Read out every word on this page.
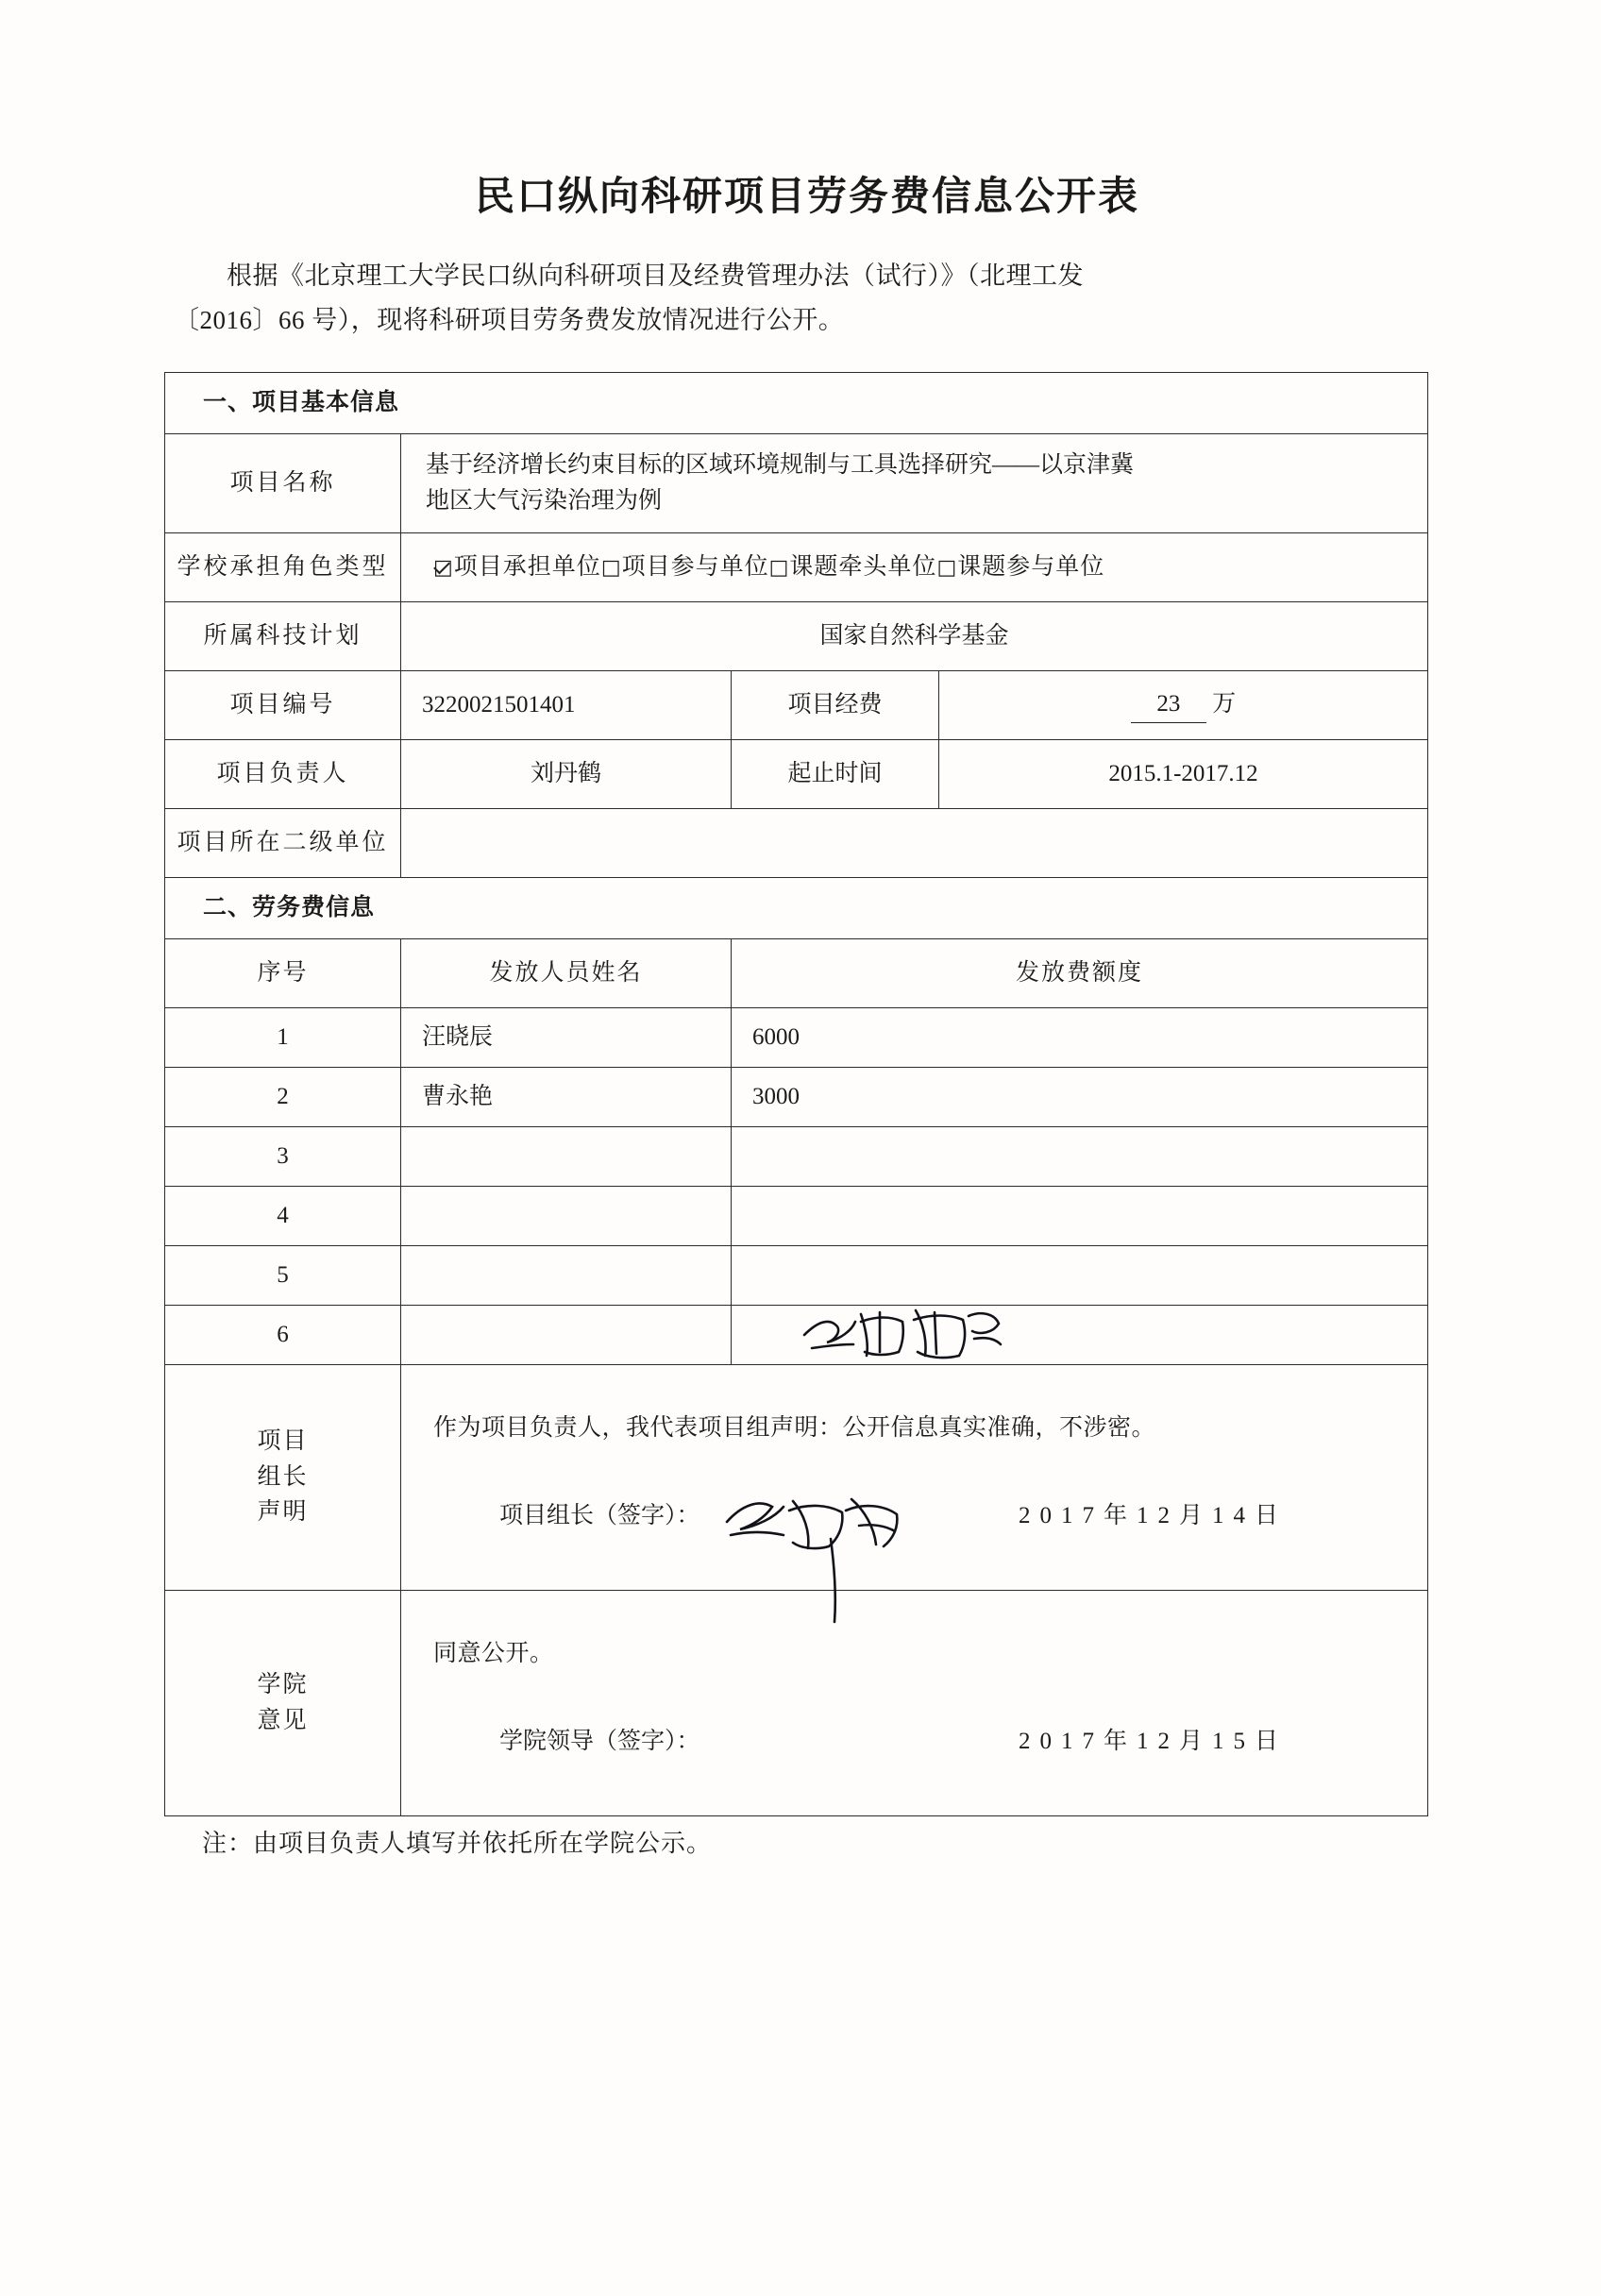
民口纵向科研项目劳务费信息公开表
根据《北京理工大学民口纵向科研项目及经费管理办法（试行）》（北理工发
〔2016〕66 号），现将科研项目劳务费发放情况进行公开。
一、项目基本信息			
项目名称	基于经济增长约束目标的区域环境规制与工具选择研究——以京津冀
地区大气污染治理为例		

学校承担角色类型	□项目承担单位□项目参与单位□课题牵头单位□课题参与单位		
所属科技计划	国家自然科学基金		
项目编号	3220021501401	项目经费	23 万
项目负责人	刘丹鹤	起止时间	2015.1-2017.12
项目所在二级单位			
二、劳务费信息			
序号	发放人员姓名	发放费额度	
1	汪晓辰	6000	
2	曹永艳	3000	
3			
4			
5			
6			

项目
组长
声明

作为项目负责人，我代表项目组声明：公开信息真实准确，不涉密。
项目组长（签字）：	2017年12月14日

学院
意见

同意公开。
学院领导（签字）：	2017年12月15日
注：由项目负责人填写并依托所在学院公示。
